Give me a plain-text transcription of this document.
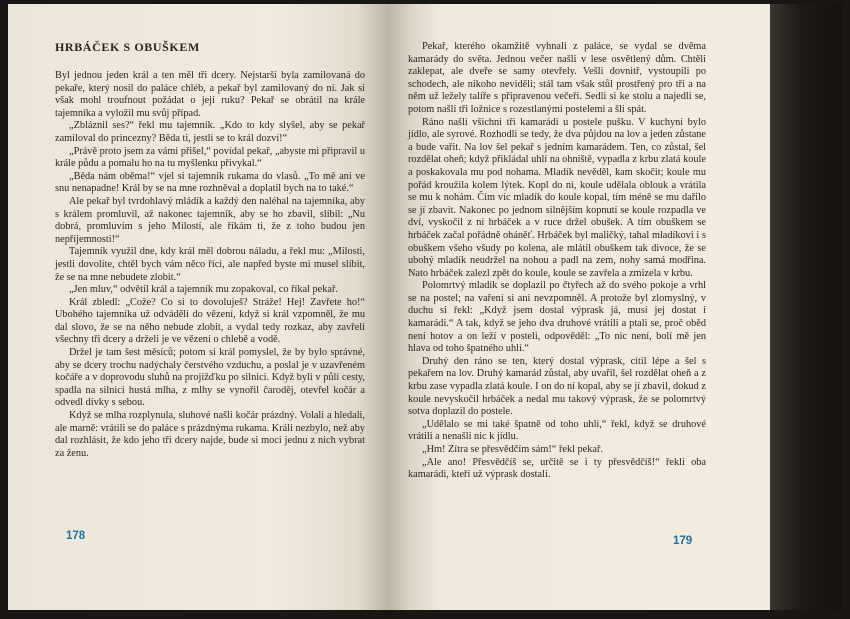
HRBÁČEK S OBUŠKEM

Byl jednou jeden král a ten měl tři dcery. Nejstarší byla zamilovaná do pekaře, který nosil do paláce chléb, a pekař byl zamilovaný do ní. Jak si však mohl troufnout požádat o její ruku? Pekař se obrátil na krále tajemníka a vyložil mu svůj případ.

„Zbláznil ses?“ řekl mu tajemník. „Kdo to kdy slyšel, aby se pekař zamiloval do princezny? Běda ti, jestli se to král dozví!“

„Právě proto jsem za vámi přišel,“ povídal pekař, „abyste mi připravil u krále půdu a pomalu ho na tu myšlenku přivykal.“

„Běda nám oběma!“ vjel si tajemník rukama do vlasů. „To mě ani ve snu nenapadne! Král by se na mne rozhněval a doplatil bych na to také.“

Ale pekař byl tvrdohlavý mládík a každý den naléhal na tajemníka, aby s králem promluvil, až nakonec tajemník, aby se ho zbavil, slíbil: „Nu dobrá, promluvím s jeho Milostí, ale říkám ti, že z toho budou jen nepříjemnosti!“

Tajemník využil dne, kdy král měl dobrou náladu, a řekl mu: „Milosti, jestli dovolíte, chtěl bych vám něco říci, ale napřed byste mi musel slíbit, že se na mne nebudete zlobit.“

„Jen mluv,“ odvětil král a tajemník mu zopakoval, co říkal pekař.

Král zbledl: „Cože? Co si to dovoluješ? Stráže! Hej! Zavřete ho!“ Ubohého tajemníka už odváděli do vězení, když si král vzpomněl, že mu dal slovo, že se na něho nebude zlobit, a vydal tedy rozkaz, aby zavřeli všechny tři dcery a drželi je ve vězení o chlebě a vodě.

Držel je tam šest měsíců; potom si král pomyslel, že by bylo správné, aby se dcery trochu nadýchaly čerstvého vzduchu, a poslal je v uzavřeném kočáře a v doprovodu sluhů na projížďku po silnici. Když byli v půli cesty, spadla na silnici hustá mlha, z mlhy se vynořil čaroděj, otevřel kočár a odvedl dívky s sebou.

Když se mlha rozplynula, sluhové našli kočár prázdný. Volali a hledali, ale marně: vrátili se do paláce s prázdnýma rukama. Králi nezbylo, než aby dal rozhlásit, že kdo jeho tři dcery najde, bude si moci jednu z nich vybrat za ženu.

Pekař, kterého okamžitě vyhnali z paláce, se vydal se dvěma kamarády do světa. Jednou večer našli v lese osvětlený dům. Chtěli zaklepat, ale dveře se samy otevřely. Vešli dovnitř, vystoupili po schodech, ale nikoho neviděli; stál tam však stůl prostřený pro tři a na něm už ležely talíře s připravenou večeří. Sedli si ke stolu a najedli se, potom našli tři ložnice s rozestlanými postelemi a šli spát.

Ráno našli všichni tři kamarádi u postele pušku. V kuchyni bylo jídlo, ale syrové. Rozhodli se tedy, že dva půjdou na lov a jeden zůstane a bude vařit. Na lov šel pekař s jedním kamarádem. Ten, co zůstal, šel rozdělat oheň; když přikládal uhlí na ohniště, vypadla z krbu zlatá koule a poskakovala mu pod nohama. Mladík nevěděl, kam skočit; koule mu pořád kroužila kolem lýtek. Kopl do ní, koule udělala oblouk a vrátila se mu k nohám. Čím víc mladík do koule kopal, tím méně se mu dařilo se jí zbavit. Nakonec po jednom silnějším kopnutí se koule rozpadla ve dví, vyskočil z ní hrbáček a v ruce držel obušek. A tím obuškem se hrbáček začal pořádně oháněť. Hrbáček byl maličký, tahal mladíkovi i s obuškem všeho všudy po kolena, ale mlátil obuškem tak divoce, že se ubohý mladík neudržel na nohou a padl na zem, nohy samá modřina. Nato hrbáček zalezl zpět do koule, koule se zavřela a zmizela v krbu.

Polomrtvý mladík se doplazil po čtyřech až do svého pokoje a vrhl se na postel; na vaření si ani nevzpomněl. A protože byl zlomyslný, v duchu si řekl: „Když jsem dostal výprask já, musí jej dostat i kamarádi.“ A tak, když se jeho dva druhové vrátili a ptali se, proč oběd není hotov a on leží v posteli, odpověděl: „To nic není, bolí mě jen hlava od toho špatného uhlí.“

Druhý den ráno se ten, který dostal výprask, cítil lépe a šel s pekařem na lov. Druhý kamarád zůstal, aby uvařil, šel rozdělat oheň a z krbu zase vypadla zlatá koule. I on do ní kopal, aby se jí zbavil, dokud z koule nevyskočil hrbáček a nedal mu takový výprask, že se polomrtvý sotva doplazil do postele.

„Udělalo se mi také špatně od toho uhlí,“ řekl, když se druhové vrátili a nenašli nic k jídlu.

„Hm! Zítra se přesvědčím sám!“ řekl pekař.

„Ale ano! Přesvědčíš se, určitě se i ty přesvědčíš!“ řekli oba kamarádi, kteří už výprask dostali.

178	179
